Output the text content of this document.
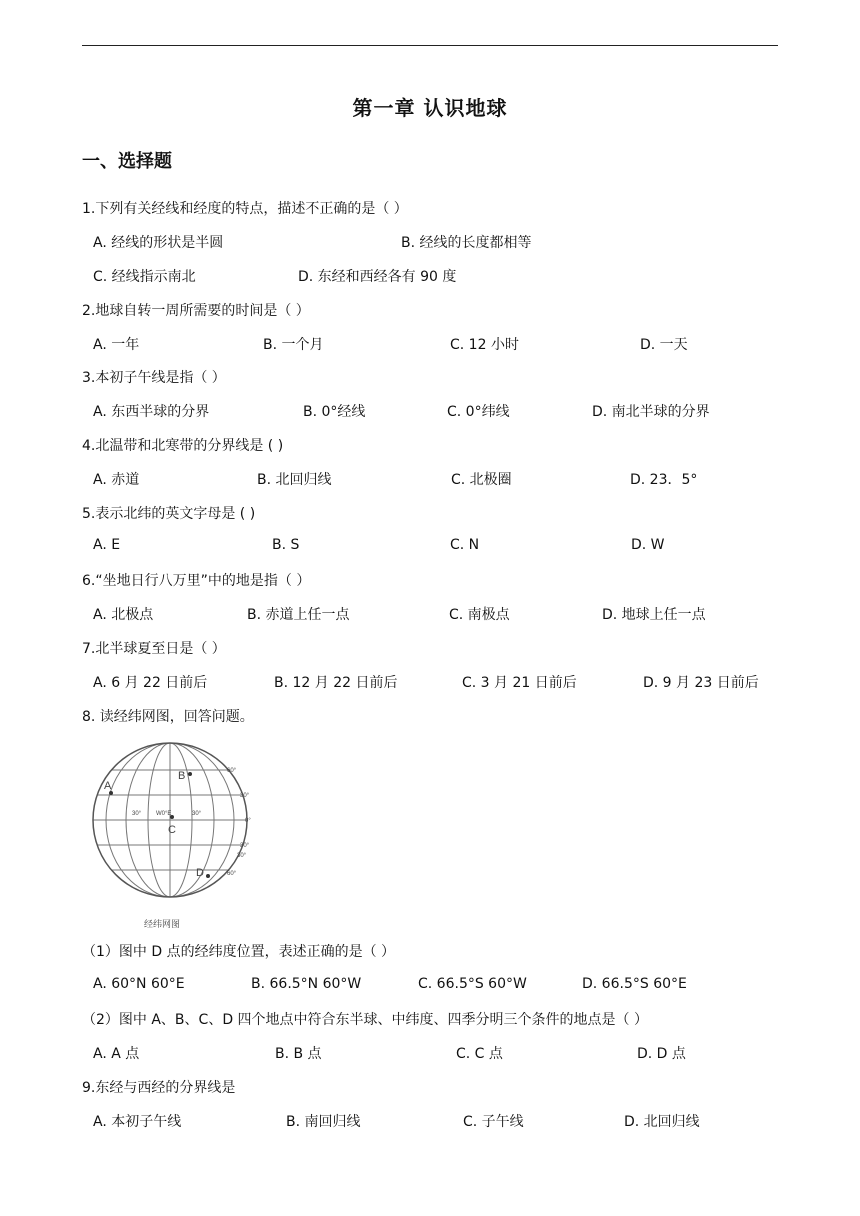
第一章 认识地球
一、选择题
1.下列有关经线和经度的特点，描述不正确的是（ ）
A. 经线的形状是半圆	B. 经线的长度都相等
C. 经线指示南北	D. 东经和西经各有 90 度
2.地球自转一周所需要的时间是（ ）
A. 一年	B. 一个月	C. 12 小时	D. 一天
3.本初子午线是指（ ）
A. 东西半球的分界	B. 0°经线	C. 0°纬线	D. 南北半球的分界
4.北温带和北寒带的分界线是 ( )
A. 赤道	B. 北回归线	C. 北极圈	D. 23．5°
5.表示北纬的英文字母是 ( )
A. E	B. S	C. N	D. W
6.“坐地日行八万里”中的地是指（ ）
A. 北极点	B. 赤道上任一点	C. 南极点	D. 地球上任一点
7.北半球夏至日是（ ）
A. 6 月 22 日前后	B. 12 月 22 日前后	C. 3 月 21 日前后	D. 9 月 23 日前后
8. 读经纬网图，回答问题。
B
A
C
D
60°
30°
30°
W0°E	30°
0°
30°
30°
60°
经纬网图
（1）图中 D 点的经纬度位置，表述正确的是（ ）
A. 60°N 60°E	B. 66.5°N 60°W	C. 66.5°S 60°W	D. 66.5°S 60°E
（2）图中 A、B、C、D 四个地点中符合东半球、中纬度、四季分明三个条件的地点是（ ）
A. A 点	B. B 点	C. C 点	D. D 点
9.东经与西经的分界线是
A. 本初子午线	B. 南回归线	C. 子午线	D. 北回归线
